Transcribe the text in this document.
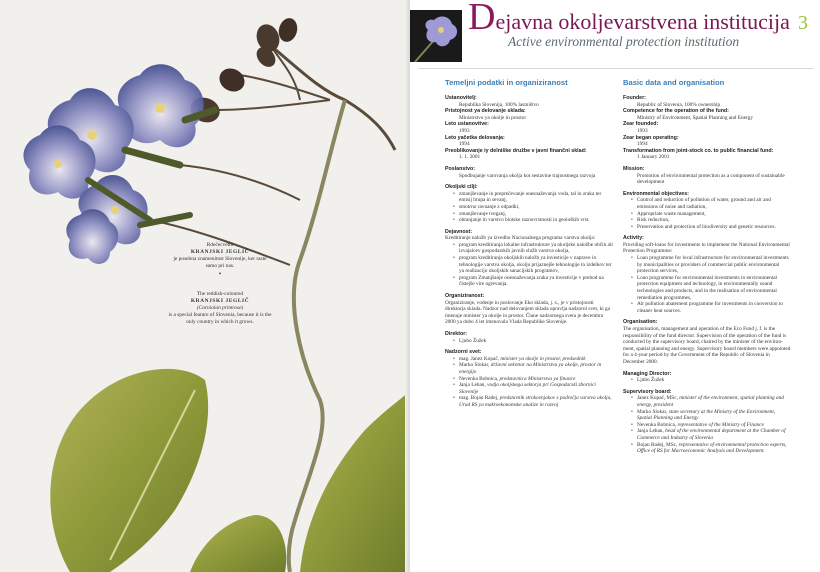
Rdečecvetni
KRANJSKI JEGLIČ
je posebna znamenitost Slovenije, ker raste samo pri nas.
•
The reddish-coloured
KRANJSKI JEGLIČ
(Carniolan primrose)
is a special feature of Slovenia, because it is the only country in which it grows.
Dejavna okoljevarstvena institucija
Active environmental protection institution
3
Temeljni podatki in organiziranost
Ustanovitelj:
Republika Slovenija, 100% lastništvo
Pristojnost ya delovanje sklada:
Ministrstvo ya okolje in prostor
Leto ustanovitve:
1993
Leto yačetka delovanja:
1994
Preoblikovanje iy delniške družbe v javni finančni sklad:
1. 1. 2001
Poslanstvo:
Spodbujanje varovanja okolja kot sestavine trajnostnega razvoja
Okoljski cilji:
• zmanjševanje in preprečevanje onesnaževanja voda, tal in zraka ter emisij hrupa in sevanj,
• smotrno ravnanje z odpadki,
• zmanjševanje tveganj,
• ohranjanje in varstvo biotske raznovrstnosti in geoloških vrst.
Dejavnost:
Kreditiranje naložb ya izvedbo Nacionalnega programa varstva okolja:
• program kreditiranja lokalne infrastrukture ya okoljske naložbe občin ali izvajalcev gospodarskih javnih služb varstva okolja,
• program kreditiranja okoljskih naložb ya investicije v naprave in tehnologije varstva okolja, okolju prijaznejše tehnologije in izdelkov ter ya realizacijo okoljskih sanacijskih programov,
• program Zmanjšanje onesnaževanja zraka ya investicije v prehod na čistejše vire ogrevanja.
Organiziranost:
Organiziranje, vodenje in poslovanje Eko sklada, j. s., je v pristojnosti direktorja sklada. Nadzor nad delovanjem sklada opravlja nadzorni svet, ki ga imenuje minister ya okolje in prostor. Člane nadzornega sveta je decembra 2000 ya dobo 4 let imenovala Vlada Republike Slovenije.
Direktor:
• Ljubo Žužek
Nadzorni svet:
• mag. Janez Kopač, minister ya okolje in prostor, predsednik
• Marko Slokar, državni sekretar na Ministrstvu ya okolje, prostor in energijo
• Nevenka Bobnica, predstavnica Ministrstva ya finance
• Janja Leban, vodja okoljskega sektorja pri Gospodarski zbornici Slovenije
• mag. Bojan Radej, predstavnik strokovnjakov s področja varstva okolja, Urad RS ya makroekonomske analize in razvoj
Basic data and organisation
Founder:
Republic of Slovenia, 100% ownership
Competence for the operation of the fund:
Ministry of Environment, Spatial Planning and Energy
Zear founded:
1993
Zear began operating:
1994
Transformation from joint-stock co. to public financial fund:
1 January 2001
Mission:
Promotion of environmental protection as a component of sustainable development
Environmental objectives:
• Control and reduction of pollution of water, ground and air and emissions of noise and radiation,
• Appropriate waste management,
• Risk reduction,
• Preservation and protection of biodiversity and genetic resources.
Activity:
Providing soft-loans for investments to implement the National Environmental Protection Programme:
• Loan programme for local infrastructure for environmental investments by municipalities or providers of commercial public environmental protection services,
• Loan programme for environmental investments in environmental protection equipment and technology, in environmentally sound technologies and products, and in the realisation of environmental remediation programmes,
• Air pollution abatement programme for investments in conversion to cleaner heat sources.
Organisation:
The organisation, management and operation of the Eco Fund j. f. is the responsibility of the fund director. Supervision of the operation of the fund is conducted by the supervisory board, chaired by the minister of the environment, spatial planning and energy. Supervisory board members were appointed for a 4-year period by the Government of the Republic of Slovenia in December 2000.
Managing Director:
• Ljubo Žužek
Supervisory board:
• Janez Kopač, MSc, minister of the environment, spatial planning and energy, president
• Marko Slokar, state secretary at the Ministry of the Environment, Spatial Planning and Energy
• Nevenka Bobnica, representative of the Ministry of Finance
• Janja Leban, head of the environmental department at the Chamber of Commerce and Industry of Slovenia
• Bojan Radej, MSc, representative of environmental protection experts, Office of RS for Macroeconomic Analysis and Development.
